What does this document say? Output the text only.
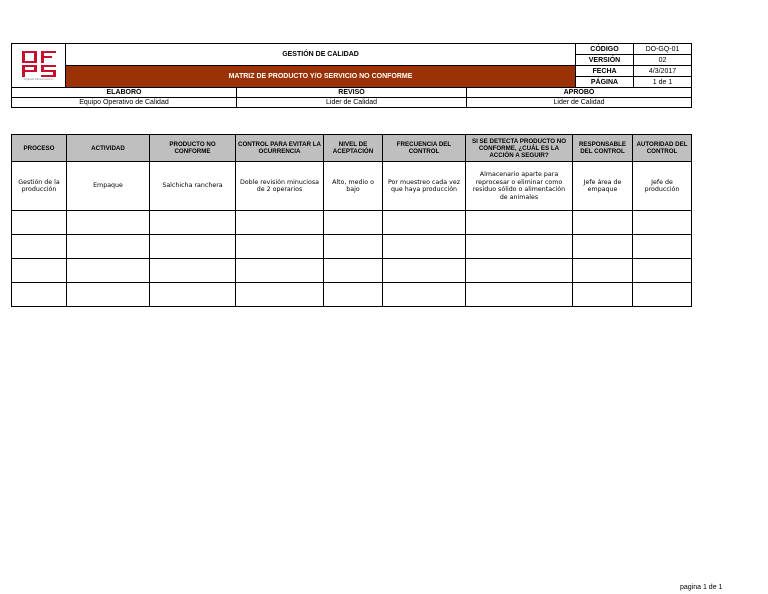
Vigilada Mineducación	GESTIÓN DE CALIDAD			CÓDIGO	DO-GQ-01
				VERSIÓN	02
	MATRIZ DE PRODUCTO Y/O SERVICIO NO CONFORME			FECHA	4/3/2017
				PÁGINA	1 de 1
ELABORÓ		REVISÓ	APROBÓ		
Equipo Operativo de Calidad		Lider de Calidad	Lider de Calidad		
PROCESO	ACTIVIDAD	PRODUCTO NO CONFORME	CONTROL PARA EVITAR LA OCURRENCIA	NIVEL DE ACEPTACIÓN	FRECUENCIA DEL CONTROL	SI SE DETECTA PRODUCTO NO CONFORME, ¿CUÁL ES LA ACCIÓN A SEGUIR?	RESPONSABLE DEL CONTROL	AUTORIDAD DEL CONTROL
Gestión de la producción	Empaque	Salchicha ranchera	Doble revisión minuciosa de 2 operarios	Alto, medio o bajo	Por muestreo cada vez que haya producción	Almacenario aparte para reprocesar o eliminar como residuo sólido o alimentación de animales	Jefe área de empaque	Jefe de producción

pagina 1 de 1
